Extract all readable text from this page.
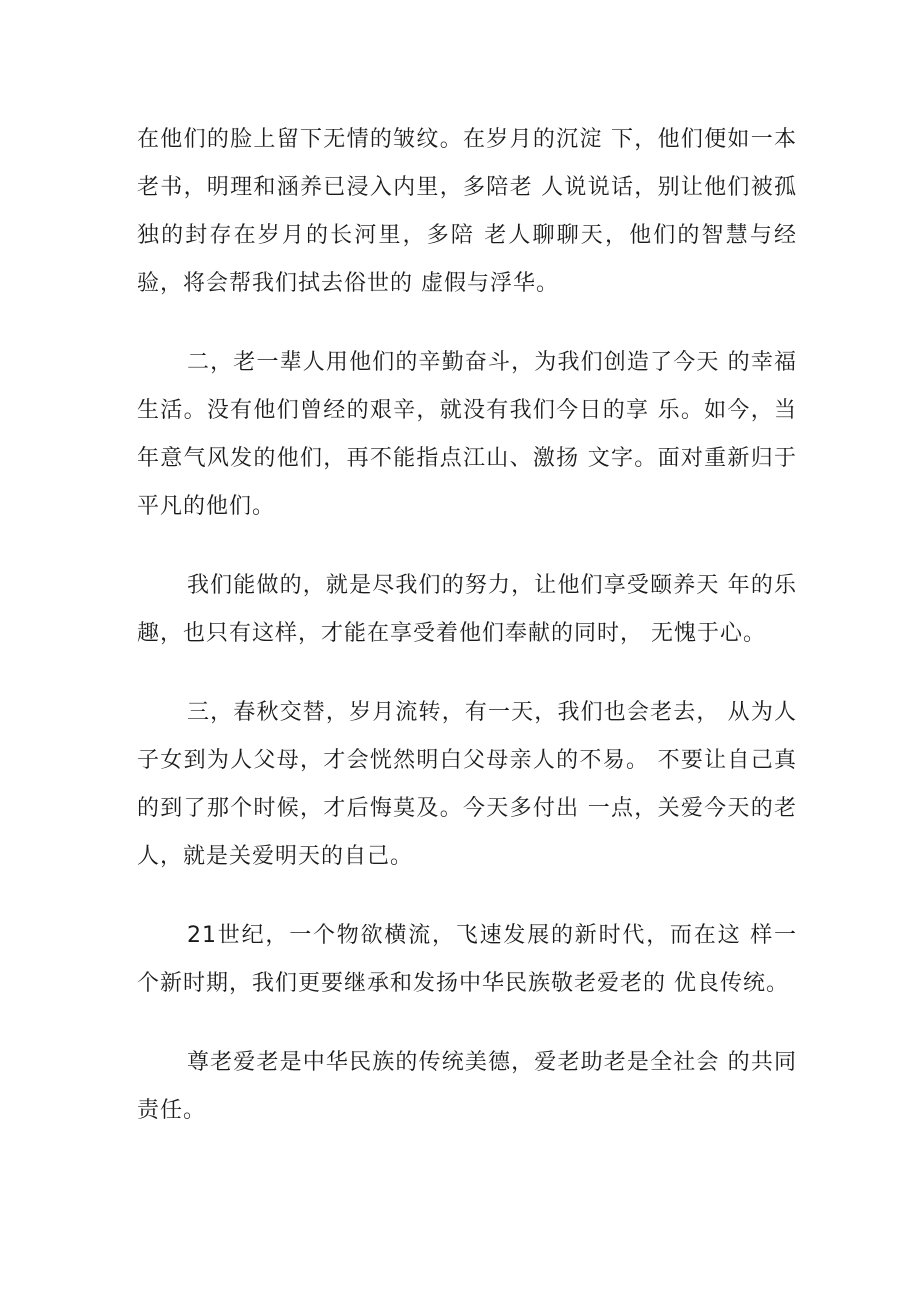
在他们的脸上留下无情的皱纹。在岁月的沉淀 下，他们便如一本老书，明理和涵养已浸入内里，多陪老 人说说话，别让他们被孤独的封存在岁月的长河里，多陪 老人聊聊天，他们的智慧与经验，将会帮我们拭去俗世的 虚假与浮华。

二，老一辈人用他们的辛勤奋斗，为我们创造了今天 的幸福生活。没有他们曾经的艰辛，就没有我们今日的享 乐。如今，当年意气风发的他们，再不能指点江山、激扬 文字。面对重新归于平凡的他们。

我们能做的，就是尽我们的努力，让他们享受颐养天 年的乐趣，也只有这样，才能在享受着他们奉献的同时， 无愧于心。

三，春秋交替，岁月流转，有一天，我们也会老去， 从为人子女到为人父母，才会恍然明白父母亲人的不易。 不要让自己真的到了那个时候，才后悔莫及。今天多付出 一点，关爱今天的老人，就是关爱明天的自己。

21世纪，一个物欲横流，飞速发展的新时代，而在这 样一个新时期，我们更要继承和发扬中华民族敬老爱老的 优良传统。

尊老爱老是中华民族的传统美德，爱老助老是全社会 的共同责任。
